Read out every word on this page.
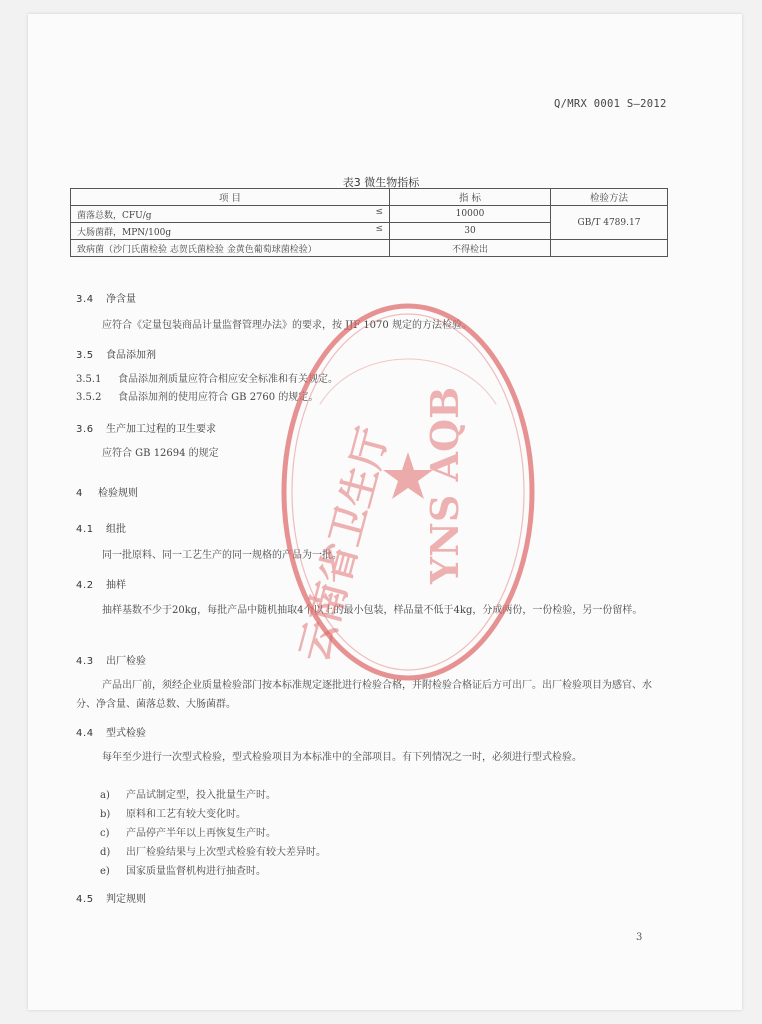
Q/MRX 0001 S—2012
表3 微生物指标
项 目	指 标	检验方法
菌落总数，CFU/g ≤	10000	GB/T 4789.17
大肠菌群，MPN/100g ≤	30	
致病菌（沙门氏菌检验 志贺氏菌检验 金黄色葡萄球菌检验）	不得检出	
3.4 净含量
应符合《定量包装商品计量监督管理办法》的要求，按 JJF 1070 规定的方法检验。
3.5 食品添加剂
3.5.1 食品添加剂质量应符合相应安全标准和有关规定。
3.5.2 食品添加剂的使用应符合 GB 2760 的规定。
3.6 生产加工过程的卫生要求
应符合 GB 12694 的规定
4 检验规则
4.1 组批
同一批原料、同一工艺生产的同一规格的产品为一批。
4.2 抽样
抽样基数不少于20kg，每批产品中随机抽取4个以上的最小包装，样品量不低于4kg，分成两份，一份检验，另一份留样。
4.3 出厂检验
产品出厂前，须经企业质量检验部门按本标准规定逐批进行检验合格，并附检验合格证后方可出厂。出厂检验项目为感官、水分、净含量、菌落总数、大肠菌群。
4.4 型式检验
每年至少进行一次型式检验，型式检验项目为本标准中的全部项目。有下列情况之一时，必须进行型式检验。
a) 产品试制定型，投入批量生产时。
b) 原料和工艺有较大变化时。
c) 产品停产半年以上再恢复生产时。
d) 出厂检验结果与上次型式检验有较大差异时。
e) 国家质量监督机构进行抽查时。
4.5 判定规则
3
云南省卫生厅 YNS AQB
